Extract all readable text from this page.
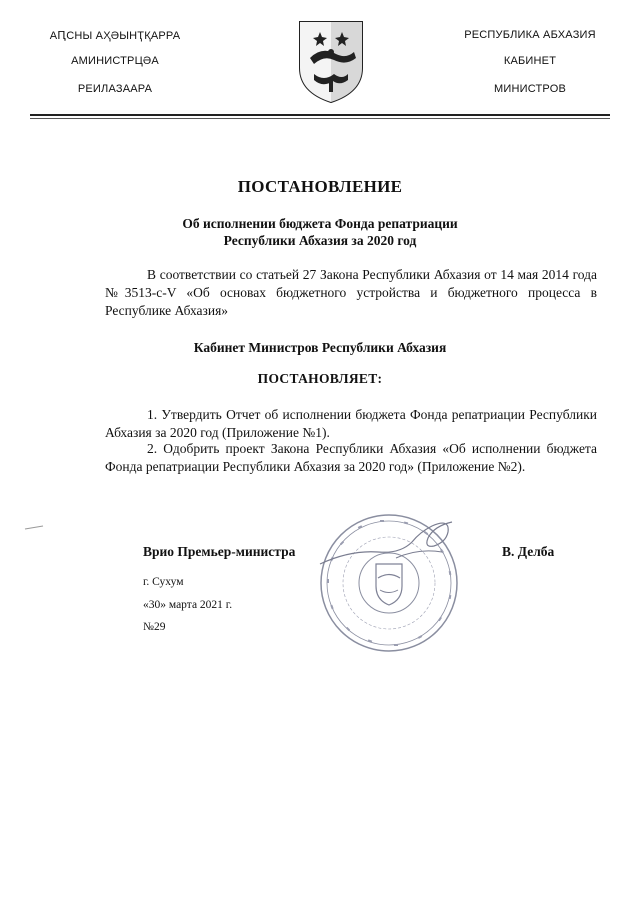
АԤСНЫ АҲӘЫНҬҚАРРА
АМИНИСТРЦӘА
РЕИЛАЗААРА
РЕСПУБЛИКА АБХАЗИЯ
КАБИНЕТ
МИНИСТРОВ
ПОСТАНОВЛЕНИЕ
Об исполнении бюджета Фонда репатриации
Республики Абхазия за 2020 год
В соответствии со статьей 27 Закона Республики Абхазия от 14 мая 2014 года №3513-с-V «Об основах бюджетного устройства и бюджетного процесса в Республике Абхазия»
Кабинет Министров Республики Абхазия
ПОСТАНОВЛЯЕТ:
1. Утвердить Отчет об исполнении бюджета Фонда репатриации Республики Абхазия за 2020 год (Приложение №1).
2. Одобрить проект Закона Республики Абхазия «Об исполнении бюджета Фонда репатриации Республики Абхазия за 2020 год» (Приложение №2).
Врио Премьер-министра	В. Делба
г. Сухум
«30» марта 2021 г.
№29
